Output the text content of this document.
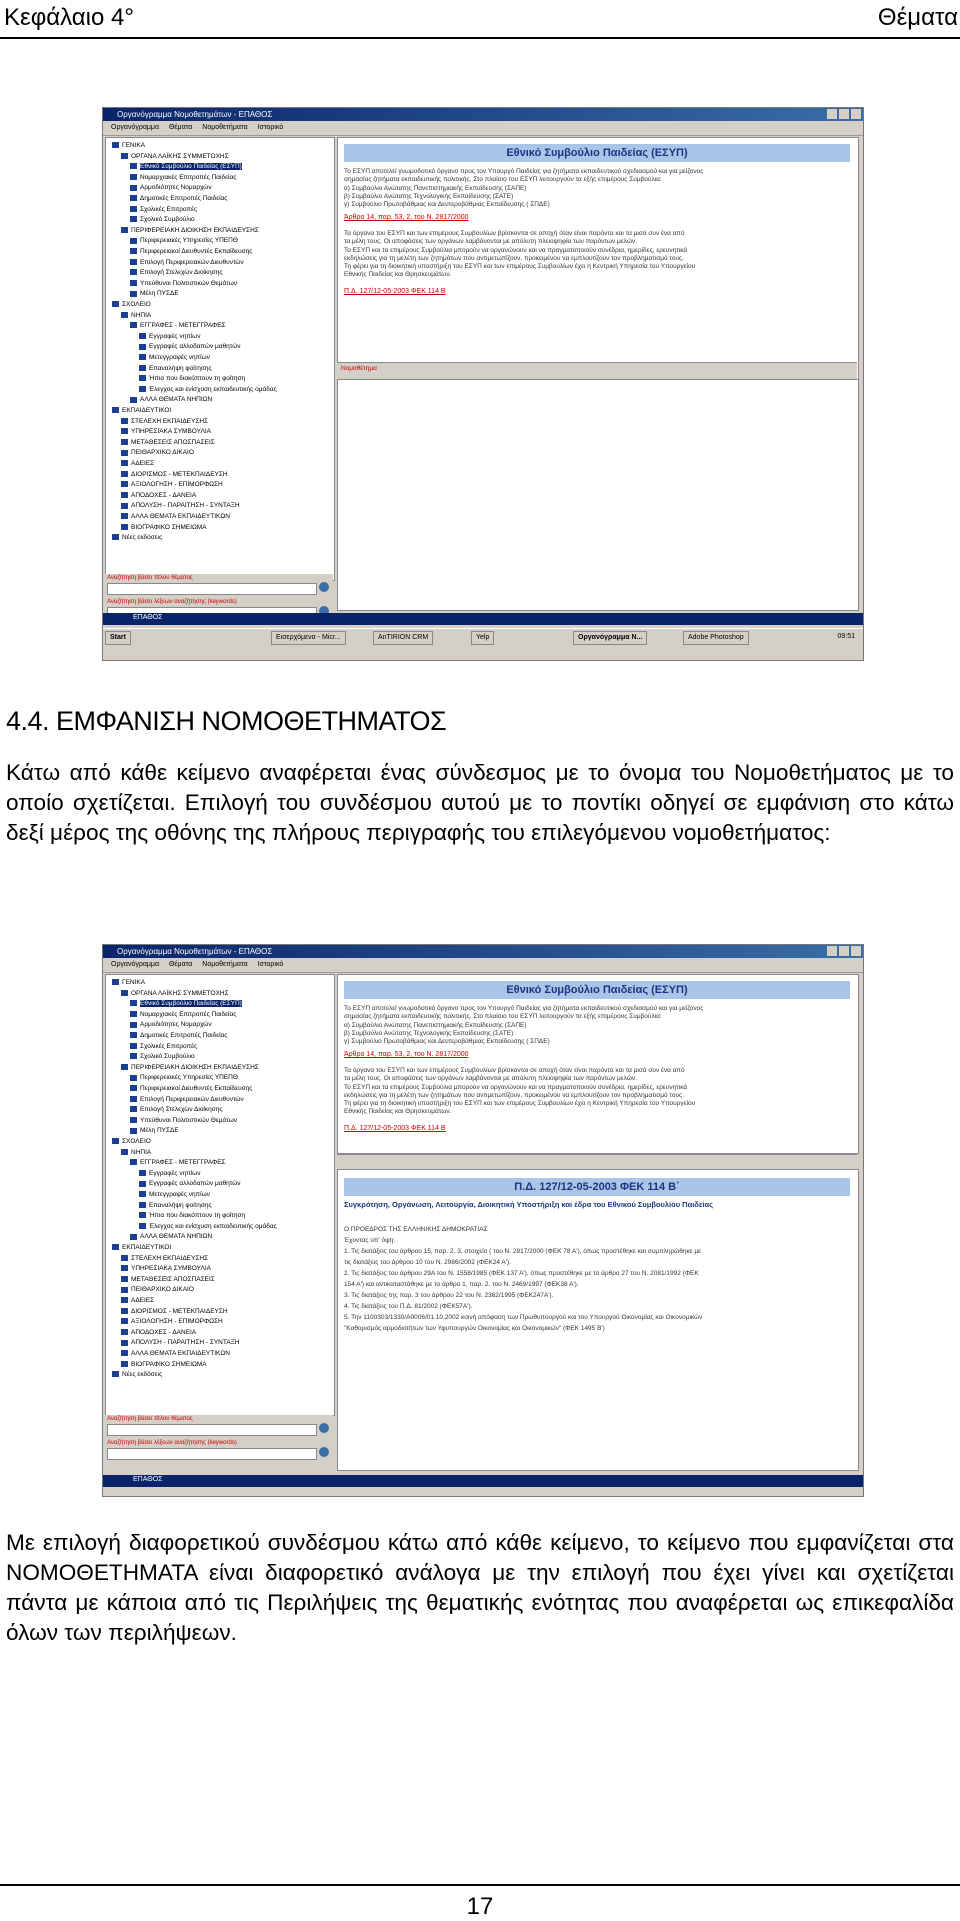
Κεφάλαιο 4°	Θέματα
Οργανόγραμμα Νομοθετημάτων - ΕΠΑΘΟΣ
Οργανόγραμμα Θέματα Νομοθετήματα Ιστορικό
ΓΕΝΙΚΑ
ΟΡΓΑΝΑ ΛΑΪΚΗΣ ΣΥΜΜΕΤΟΧΗΣ
Εθνικό Συμβούλιο Παιδείας (ΕΣΥΠ)
Νομαρχιακές Επιτροπές Παιδείας
Αρμοδιότητες Νομαρχών
Δημοτικές Επιτροπές Παιδείας
Σχολικές Επιτροπές
Σχολικό Συμβούλιο
ΠΕΡΙΦΕΡΕΙΑΚΗ ΔΙΟΙΚΗΣΗ ΕΚΠΑΙΔΕΥΣΗΣ
Περιφερειακές Υπηρεσίες ΥΠΕΠΘ
Περιφερειακοί Διευθυντές Εκπαίδευσης
Επιλογή Περιφερειακών Διευθυντών
Επιλογή Στελεχών Διοίκησης
Υπεύθυνοι Πολιτιστικών Θεμάτων
Μέλη ΠΥΣΔΕ
ΣΧΟΛΕΙΟ
ΝΗΠΙΑ
ΕΓΓΡΑΦΕΣ - ΜΕΤΕΓΓΡΑΦΕΣ
Εγγραφές νηπίων
Εγγραφές αλλοδαπών μαθητών
Μετεγγραφές νηπίων
Επαναλήψη φοίτησης
Ήπια που διακόπτουν τη φοίτηση
Έλεγχος και ενίσχυση εκπαιδευτικής ομάδας
ΑΛΛΑ ΘΕΜΑΤΑ ΝΗΠΙΩΝ
ΕΚΠΑΙΔΕΥΤΙΚΟΙ
ΣΤΕΛΕΧΗ ΕΚΠΑΙΔΕΥΣΗΣ
ΥΠΗΡΕΣΙΑΚΑ ΣΥΜΒΟΥΛΙΑ
ΜΕΤΑΘΕΣΕΙΣ ΑΠΟΣΠΑΣΕΙΣ
ΠΕΙΘΑΡΧΙΚΟ ΔΙΚΑΙΟ
ΑΔΕΙΕΣ
ΔΙΟΡΙΣΜΟΣ - ΜΕΤΕΚΠΑΙΔΕΥΣΗ
ΑΞΙΟΛΟΓΗΣΗ - ΕΠΙΜΟΡΦΩΣΗ
ΑΠΟΔΟΧΕΣ - ΔΑΝΕΙΑ
ΑΠΟΛΥΣΗ - ΠΑΡΑΙΤΗΣΗ - ΣΥΝΤΑΞΗ
ΑΛΛΑ ΘΕΜΑΤΑ ΕΚΠΑΙΔΕΥΤΙΚΩΝ
ΒΙΟΓΡΑΦΙΚΟ ΣΗΜΕΙΩΜΑ
Νέες εκδόσεις
Αναζήτηση βάσει τίτλου θέματος
Αναζήτηση βάσει λέξεων αναζήτησης (keywords)
Εθνικό Συμβούλιο Παιδείας (ΕΣΥΠ)
Το ΕΣΥΠ αποτελεί γνωμοδοτικό όργανο προς τον Υπουργό Παιδείας για ζητήματα εκπαιδευτικού σχεδιασμού και για μείζονος
σημασίας ζητήματα εκπαιδευτικής πολιτικής. Στο πλαίσιο του ΕΣΥΠ λειτουργούν τα εξής επιμέρους Συμβούλια:
α) Συμβούλιο Ανώτατης Πανεπιστημιακής Εκπαίδευσης (ΣΑΠΕ)
β) Συμβούλιο Ανώτατης Τεχνολογικής Εκπαίδευσης (ΣΑΤΕ)
γ) Συμβούλιο Πρωτοβάθμιας και Δευτεροβάθμιας Εκπαίδευσης ( ΣΠΔΕ)
Άρθρο 14, παρ. 53, 2, του Ν. 2817/2000
Τα όργανα του ΕΣΥΠ και των επιμέρους Συμβουλίων βρίσκονται σε αποχή όταν είναι παρόντα και τα μισά συν ένα από
τα μέλη τους. Οι αποφάσεις των οργάνων λαμβάνονται με απόλυτη πλειοψηφία των παρόντων μελών.
Το ΕΣΥΠ και τα επιμέρους Συμβούλια μπορούν να οργανώνουν και να πραγματοποιούν συνέδρια, ημερίδες, ερευνητικά
εκδηλώσεις για τη μελέτη των ζητημάτων που αντιμετωπίζουν, προκειμένου να εμπλουτίζουν τον προβληματισμό τους.
Τη φέρει για τη διοικητική υποστήριξη του ΕΣΥΠ και των επιμέρους Συμβουλίων έχει η Κεντρική Υπηρεσία του Υπουργείου
Εθνικής Παιδείας και Θρησκευμάτων.
Π.Δ. 127/12-05-2003 ΦΕΚ 114 Β
Νομοθέτημα
ΕΠΑΘΟΣ
Start	Εισερχόμενα - Micr...	AnTIRION CRM	Yelp	Οργανόγραμμα Ν...	Adobe Photoshop	09:51
4.4. ΕΜΦΑΝΙΣΗ ΝΟΜΟΘΕΤΗΜΑΤΟΣ
Κάτω από κάθε κείμενο αναφέρεται ένας σύνδεσμος με το όνομα του Νομοθετήματος με το οποίο σχετίζεται. Επιλογή του συνδέσμου αυτού με το ποντίκι οδηγεί σε εμφάνιση στο κάτω δεξί μέρος της οθόνης της πλήρους περιγραφής του επιλεγόμενου νομοθετήματος:
Οργανόγραμμα Νομοθετημάτων - ΕΠΑΘΟΣ
Οργανόγραμμα Θέματα Νομοθετήματα Ιστορικό
ΓΕΝΙΚΑ
ΟΡΓΑΝΑ ΛΑΪΚΗΣ ΣΥΜΜΕΤΟΧΗΣ
Εθνικό Συμβούλιο Παιδείας (ΕΣΥΠ)
Νομαρχιακές Επιτροπές Παιδείας
Αρμοδιότητες Νομαρχών
Δημοτικές Επιτροπές Παιδείας
Σχολικές Επιτροπές
Σχολικό Συμβούλιο
ΠΕΡΙΦΕΡΕΙΑΚΗ ΔΙΟΙΚΗΣΗ ΕΚΠΑΙΔΕΥΣΗΣ
Περιφερειακές Υπηρεσίες ΥΠΕΠΘ
Περιφερειακοί Διευθυντές Εκπαίδευσης
Επιλογή Περιφερειακών Διευθυντών
Επιλογή Στελεχών Διοίκησης
Υπεύθυνοι Πολιτιστικών Θεμάτων
Μέλη ΠΥΣΔΕ
ΣΧΟΛΕΙΟ
ΝΗΠΙΑ
ΕΓΓΡΑΦΕΣ - ΜΕΤΕΓΓΡΑΦΕΣ
Εγγραφές νηπίων
Εγγραφές αλλοδαπών μαθητών
Μετεγγραφές νηπίων
Επαναλήψη φοίτησης
Ήπια που διακόπτουν τη φοίτηση
Έλεγχος και ενίσχυση εκπαιδευτικής ομάδας
ΑΛΛΑ ΘΕΜΑΤΑ ΝΗΠΙΩΝ
ΕΚΠΑΙΔΕΥΤΙΚΟΙ
ΣΤΕΛΕΧΗ ΕΚΠΑΙΔΕΥΣΗΣ
ΥΠΗΡΕΣΙΑΚΑ ΣΥΜΒΟΥΛΙΑ
ΜΕΤΑΘΕΣΕΙΣ ΑΠΟΣΠΑΣΕΙΣ
ΠΕΙΘΑΡΧΙΚΟ ΔΙΚΑΙΟ
ΑΔΕΙΕΣ
ΔΙΟΡΙΣΜΟΣ - ΜΕΤΕΚΠΑΙΔΕΥΣΗ
ΑΞΙΟΛΟΓΗΣΗ - ΕΠΙΜΟΡΦΩΣΗ
ΑΠΟΔΟΧΕΣ - ΔΑΝΕΙΑ
ΑΠΟΛΥΣΗ - ΠΑΡΑΙΤΗΣΗ - ΣΥΝΤΑΞΗ
ΑΛΛΑ ΘΕΜΑΤΑ ΕΚΠΑΙΔΕΥΤΙΚΩΝ
ΒΙΟΓΡΑΦΙΚΟ ΣΗΜΕΙΩΜΑ
Νέες εκδόσεις
Αναζήτηση βάσει τίτλου θέματος
Αναζήτηση βάσει λέξεων αναζήτησης (keywords)
Εθνικό Συμβούλιο Παιδείας (ΕΣΥΠ)
Το ΕΣΥΠ αποτελεί γνωμοδοτικό όργανο προς τον Υπουργό Παιδείας για ζητήματα εκπαιδευτικού σχεδιασμού και για μείζονος
σημασίας ζητήματα εκπαιδευτικής πολιτικής. Στο πλαίσιο του ΕΣΥΠ λειτουργούν τα εξής επιμέρους Συμβούλια:
α) Συμβούλιο Ανώτατης Πανεπιστημιακής Εκπαίδευσης (ΣΑΠΕ)
β) Συμβούλιο Ανώτατης Τεχνολογικής Εκπαίδευσης (ΣΑΤΕ)
γ) Συμβούλιο Πρωτοβάθμιας και Δευτεροβάθμιας Εκπαίδευσης ( ΣΠΔΕ)
Άρθρο 14, παρ. 53, 2, του Ν. 2817/2000
Τα όργανα του ΕΣΥΠ και των επιμέρους Συμβουλίων βρίσκονται σε αποχή όταν είναι παρόντα και τα μισά συν ένα από
τα μέλη τους. Οι αποφάσεις των οργάνων λαμβάνονται με απόλυτη πλειοψηφία των παρόντων μελών.
Το ΕΣΥΠ και τα επιμέρους Συμβούλια μπορούν να οργανώνουν και να πραγματοποιούν συνέδρια, ημερίδες, ερευνητικά
εκδηλώσεις για τη μελέτη των ζητημάτων που αντιμετωπίζουν, προκειμένου να εμπλουτίζουν τον προβληματισμό τους.
Τη φέρει για τη διοικητική υποστήριξη του ΕΣΥΠ και των επιμέρους Συμβουλίων έχει η Κεντρική Υπηρεσία του Υπουργείου
Εθνικής Παιδείας και Θρησκευμάτων.
Π.Δ. 127/12-05-2003 ΦΕΚ 114 Β
Π.Δ. 127/12-05-2003 ΦΕΚ 114 Β΄
Συγκρότηση, Οργάνωση, Λειτουργία, Διοικητική Υποστήριξη και έδρα του Εθνικού Συμβουλίου Παιδείας
Ο ΠΡΟΕΔΡΟΣ ΤΗΣ ΕΛΛΗΝΙΚΗΣ ΔΗΜΟΚΡΑΤΙΑΣ
Έχοντας υπ' όψη:
1. Τις διατάξεις του άρθρου 15, παρ. 2, 3, στοιχείο ( του Ν. 2817/2000 (ΦΕΚ 78 Α'), όπως προστέθηκε και συμπληρώθηκε με
τις διατάξεις του άρθρου 10 του Ν. 2986/2002 (ΦΕΚ24 Α').
2. Τις διατάξεις του άρθρου 29Α του Ν. 1558/1985 (ΦΕΚ 137 Α'), όπως προστέθηκε με το άρθρο 27 του Ν. 2081/1992 (ΦΕΚ
154 Α') και αντικαταστάθηκε με το άρθρο 1, παρ. 2, του Ν. 2469/1997 (ΦΕΚ38 Α').
3. Τις διατάξεις της παρ. 3 του άρθρου 22 του Ν. 2362/1995 (ΦΕΚ247Α').
4. Τις διατάξεις του Π.Δ. 81/2002 (ΦΕΚ57Α').
5. Την 1100303/1330/Α0006/01.10.2002 κοινή απόφαση των Πρωθυπουργού και του Υπουργού Οικονομίας και Οικονομικών
"Καθορισμός αρμοδιοτήτων των Υφυπουργών Οικονομίας και Οικονομικών" (ΦΕΚ 1495 Β')
ΕΠΑΘΟΣ
Με επιλογή διαφορετικού συνδέσμου κάτω από κάθε κείμενο, το κείμενο που εμφανίζεται στα ΝΟΜΟΘΕΤΗΜΑΤΑ είναι διαφορετικό ανάλογα με την επιλογή που έχει γίνει και σχετίζεται πάντα με κάποια από τις Περιλήψεις της θεματικής ενότητας που αναφέρεται ως επικεφαλίδα όλων των περιλήψεων.
17
